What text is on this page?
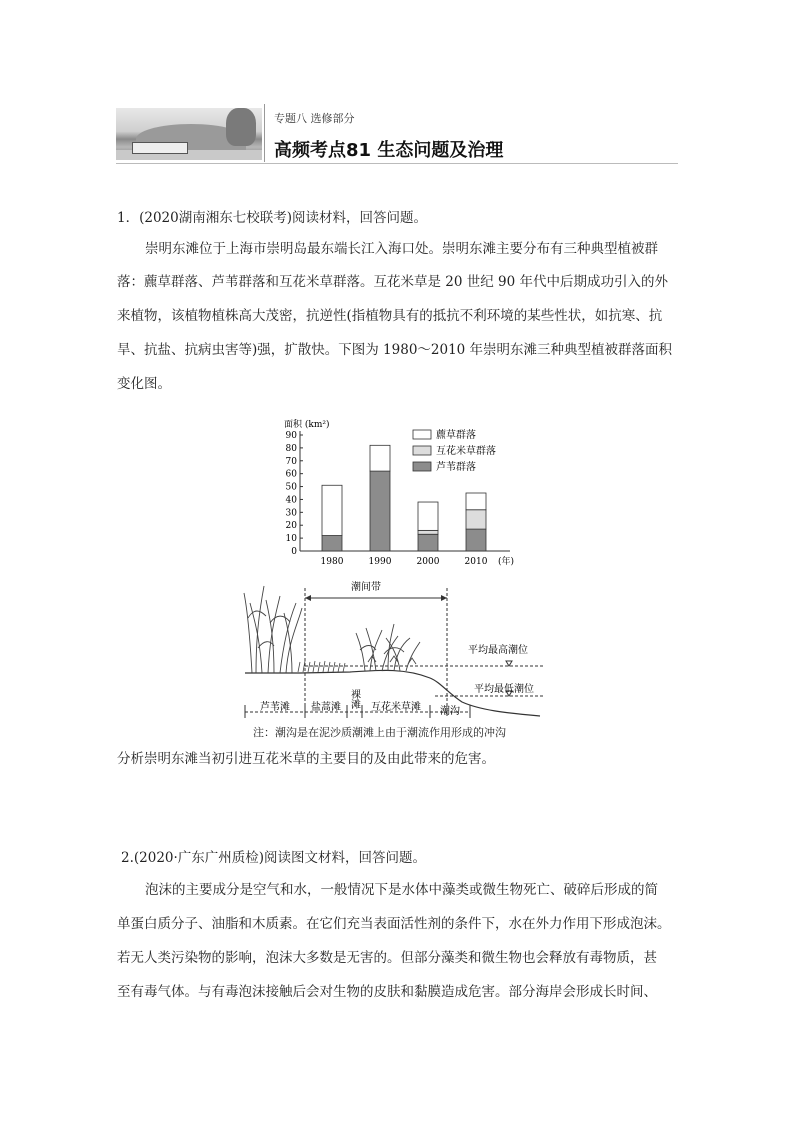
专题八 选修部分
高频考点81 生态问题及治理
1．(2020湖南湘东七校联考)阅读材料，回答问题。
崇明东滩位于上海市崇明岛最东端长江入海口处。崇明东滩主要分布有三种典型植被群
落：藨草群落、芦苇群落和互花米草群落。互花米草是 20 世纪 90 年代中后期成功引入的外
来植物，该植物植株高大茂密，抗逆性(指植物具有的抵抗不利环境的某些性状，如抗寒、抗
旱、抗盐、抗病虫害等)强，扩散快。下图为 1980～2010 年崇明东滩三种典型植被群落面积
变化图。
面积 (km²)
0
10
20
30
40
50
60
70
80
90
1980	1990	2000	2010 (年)
藨草群落
互花米草群落
芦苇群落
潮间带
平均最高潮位
平均最低潮位
芦苇滩 盐蒿滩 裸滩 互花米草滩 潮沟
注：潮沟是在泥沙质潮滩上由于潮流作用形成的冲沟
分析崇明东滩当初引进互花米草的主要目的及由此带来的危害。
2.(2020·广东广州质检)阅读图文材料，回答问题。
泡沫的主要成分是空气和水，一般情况下是水体中藻类或微生物死亡、破碎后形成的简
单蛋白质分子、油脂和木质素。在它们充当表面活性剂的条件下，水在外力作用下形成泡沫。
若无人类污染物的影响，泡沫大多数是无害的。但部分藻类和微生物也会释放有毒物质，甚
至有毒气体。与有毒泡沫接触后会对生物的皮肤和黏膜造成危害。部分海岸会形成长时间、
